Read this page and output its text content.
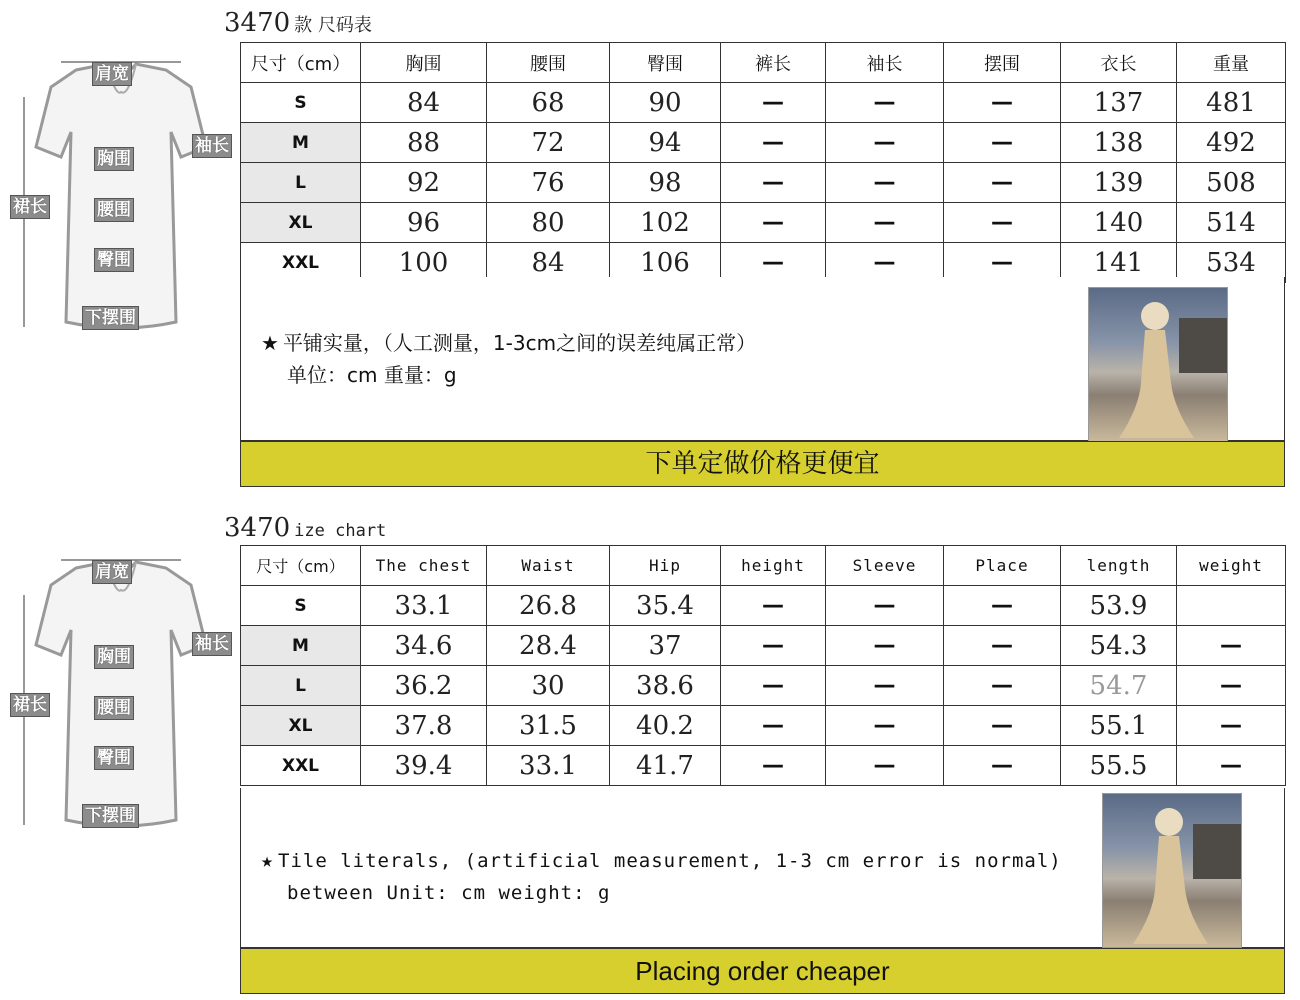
3470 款 尺码表
肩宽
袖长
胸围
裙长	腰围
臀围
下摆围
尺寸（cm）	胸围	腰围	臀围	裤长	袖长	摆围	衣长	重量
S	84	68	90	—	—	—	137	481
M	88	72	94	—	—	—	138	492
L	92	76	98	—	—	—	139	508
XL	96	80	102	—	—	—	140	514
XXL	100	84	106	—	—	—	141	534
★ 平铺实量，（人工测量，1-3cm之间的误差纯属正常）
单位：cm 重量：g
下单定做价格更便宜
3470 ize chart
肩宽
袖长
胸围
裙长	腰围
臀围
下摆围
尺寸（cm）	The chest	Waist	Hip	height	Sleeve	Place	length	weight
S	33.1	26.8	35.4	—	—	—	53.9	
M	34.6	28.4	37	—	—	—	54.3	—
L	36.2	30	38.6	—	—	—	54.7	—
XL	37.8	31.5	40.2	—	—	—	55.1	—
XXL	39.4	33.1	41.7	—	—	—	55.5	—
★ Tile literals, (artificial measurement, 1-3 cm error is normal)
between Unit: cm weight: g
Placing order cheaper
